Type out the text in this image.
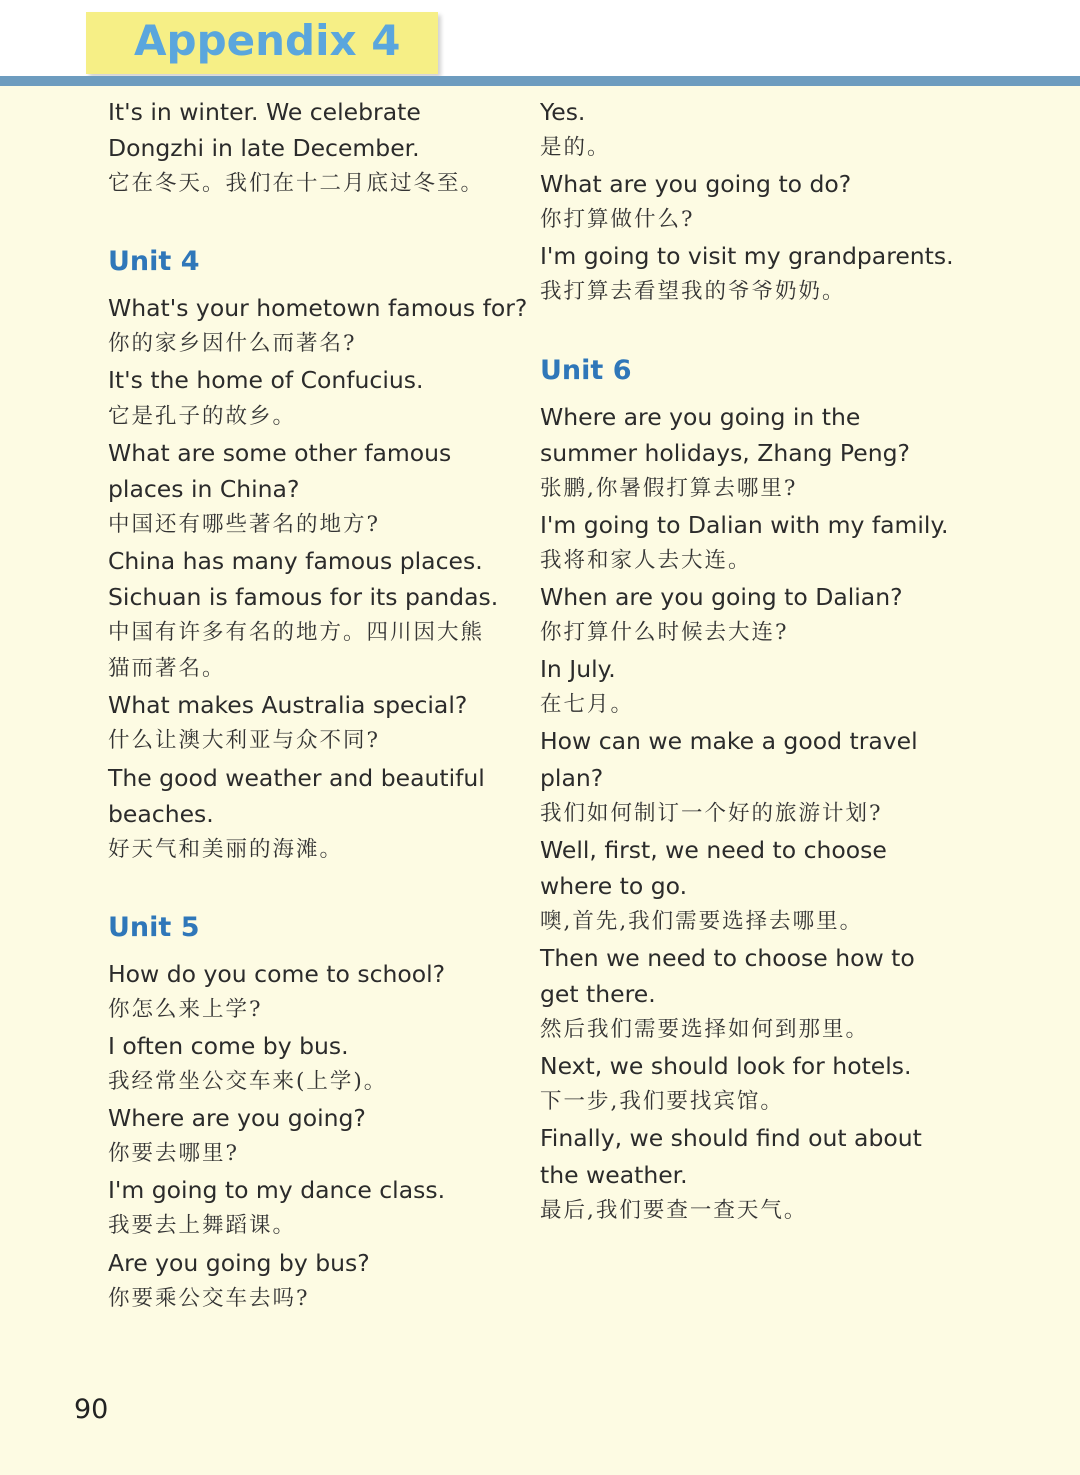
Appendix 4
It's in winter. We celebrate
Dongzhi in late December.
它在冬天。我们在十二月底过冬至。
Unit 4
What's your hometown famous for?
你的家乡因什么而著名?
It's the home of Confucius.
它是孔子的故乡。
What are some other famous
places in China?
中国还有哪些著名的地方?
China has many famous places.
Sichuan is famous for its pandas.
中国有许多有名的地方。四川因大熊
猫而著名。
What makes Australia special?
什么让澳大利亚与众不同?
The good weather and beautiful
beaches.
好天气和美丽的海滩。
Unit 5
How do you come to school?
你怎么来上学?
I often come by bus.
我经常坐公交车来(上学)。
Where are you going?
你要去哪里?
I'm going to my dance class.
我要去上舞蹈课。
Are you going by bus?
你要乘公交车去吗?
Yes.
是的。
What are you going to do?
你打算做什么?
I'm going to visit my grandparents.
我打算去看望我的爷爷奶奶。
Unit 6
Where are you going in the
summer holidays, Zhang Peng?
张鹏,你暑假打算去哪里?
I'm going to Dalian with my family.
我将和家人去大连。
When are you going to Dalian?
你打算什么时候去大连?
In July.
在七月。
How can we make a good travel
plan?
我们如何制订一个好的旅游计划?
Well, first, we need to choose
where to go.
噢,首先,我们需要选择去哪里。
Then we need to choose how to
get there.
然后我们需要选择如何到那里。
Next, we should look for hotels.
下一步,我们要找宾馆。
Finally, we should find out about
the weather.
最后,我们要查一查天气。
90
